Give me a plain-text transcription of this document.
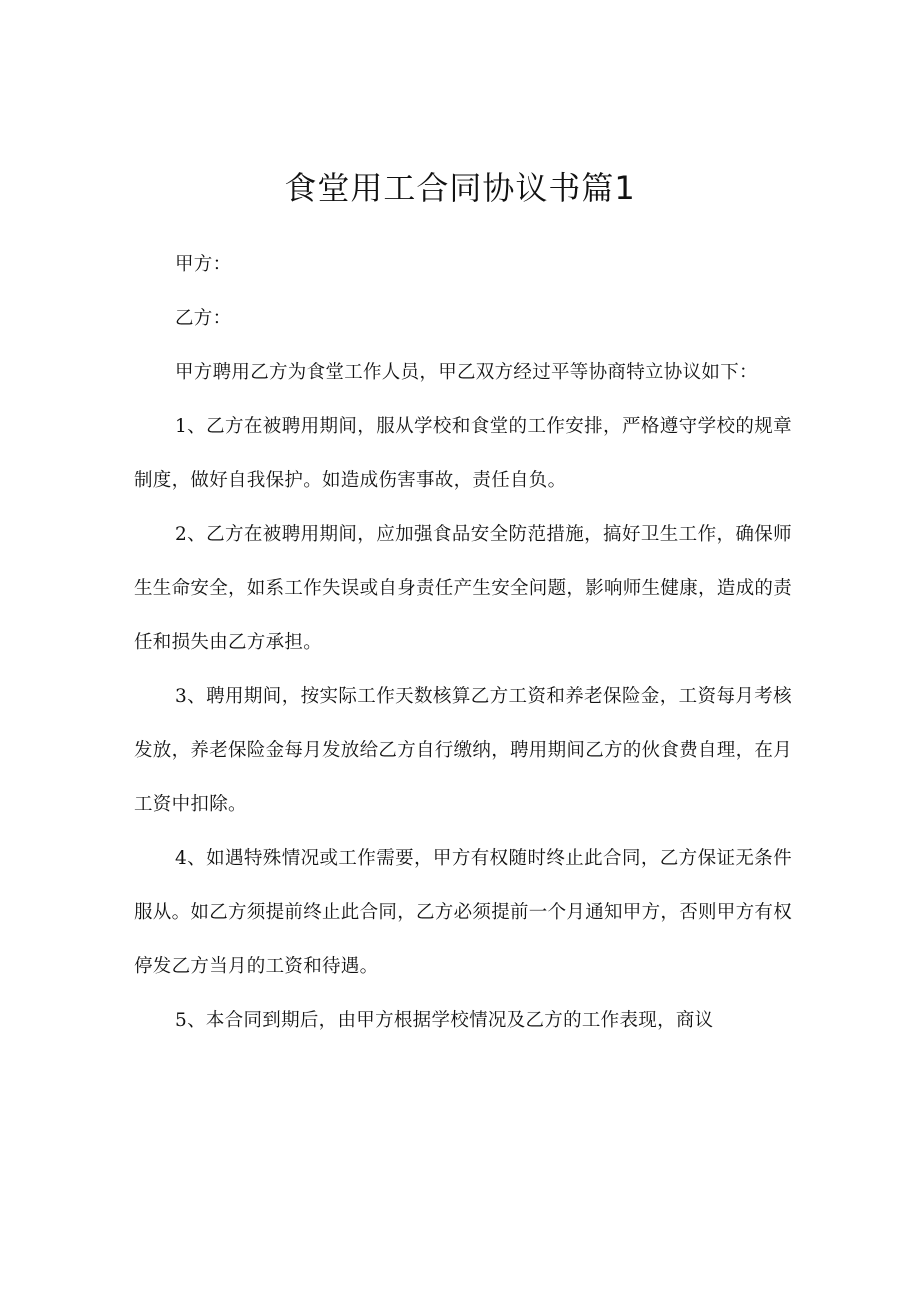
食堂用工合同协议书篇1

甲方：

乙方：

甲方聘用乙方为食堂工作人员，甲乙双方经过平等协商特立协议如下：

1、乙方在被聘用期间，服从学校和食堂的工作安排，严格遵守学校的规章制度，做好自我保护。如造成伤害事故，责任自负。

2、乙方在被聘用期间，应加强食品安全防范措施，搞好卫生工作，确保师生生命安全，如系工作失误或自身责任产生安全问题，影响师生健康，造成的责任和损失由乙方承担。

3、聘用期间，按实际工作天数核算乙方工资和养老保险金，工资每月考核发放，养老保险金每月发放给乙方自行缴纳，聘用期间乙方的伙食费自理，在月工资中扣除。

4、如遇特殊情况或工作需要，甲方有权随时终止此合同，乙方保证无条件服从。如乙方须提前终止此合同，乙方必须提前一个月通知甲方，否则甲方有权停发乙方当月的工资和待遇。

5、本合同到期后，由甲方根据学校情况及乙方的工作表现，商议
